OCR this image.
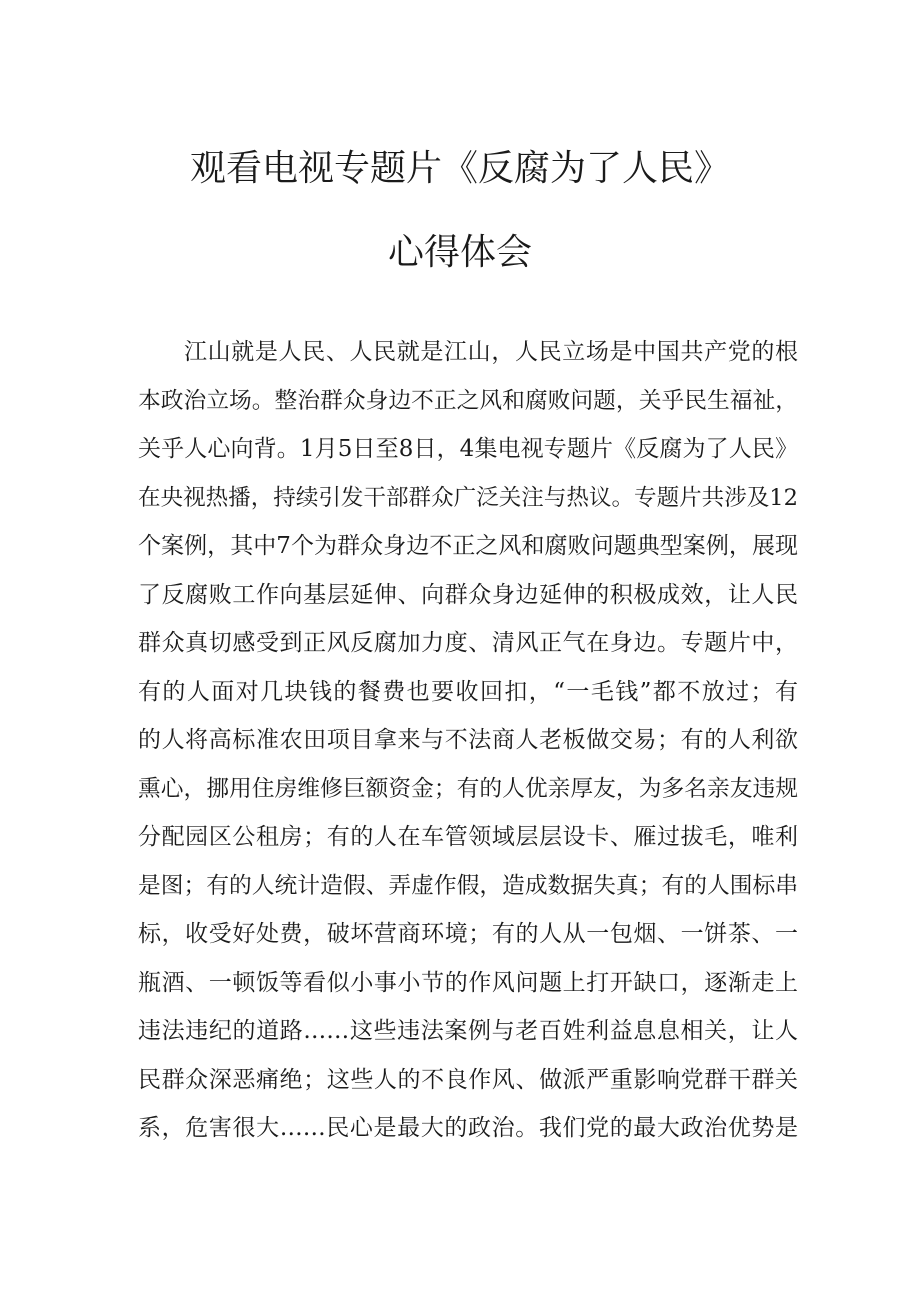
观看电视专题片《反腐为了人民》
心得体会
江山就是人民、人民就是江山，人民立场是中国共产党的根
本政治立场。整治群众身边不正之风和腐败问题，关乎民生福祉，
关乎人心向背。1月5日至8日，4集电视专题片《反腐为了人民》
在央视热播，持续引发干部群众广泛关注与热议。专题片共涉及12
个案例，其中7个为群众身边不正之风和腐败问题典型案例，展现
了反腐败工作向基层延伸、向群众身边延伸的积极成效，让人民
群众真切感受到正风反腐加力度、清风正气在身边。专题片中，
有的人面对几块钱的餐费也要收回扣，“一毛钱”都不放过；有
的人将高标准农田项目拿来与不法商人老板做交易；有的人利欲
熏心，挪用住房维修巨额资金；有的人优亲厚友，为多名亲友违规
分配园区公租房；有的人在车管领域层层设卡、雁过拔毛，唯利
是图；有的人统计造假、弄虚作假，造成数据失真；有的人围标串
标，收受好处费，破坏营商环境；有的人从一包烟、一饼茶、一
瓶酒、一顿饭等看似小事小节的作风问题上打开缺口，逐渐走上
违法违纪的道路……这些违法案例与老百姓利益息息相关，让人
民群众深恶痛绝；这些人的不良作风、做派严重影响党群干群关
系，危害很大……民心是最大的政治。我们党的最大政治优势是
